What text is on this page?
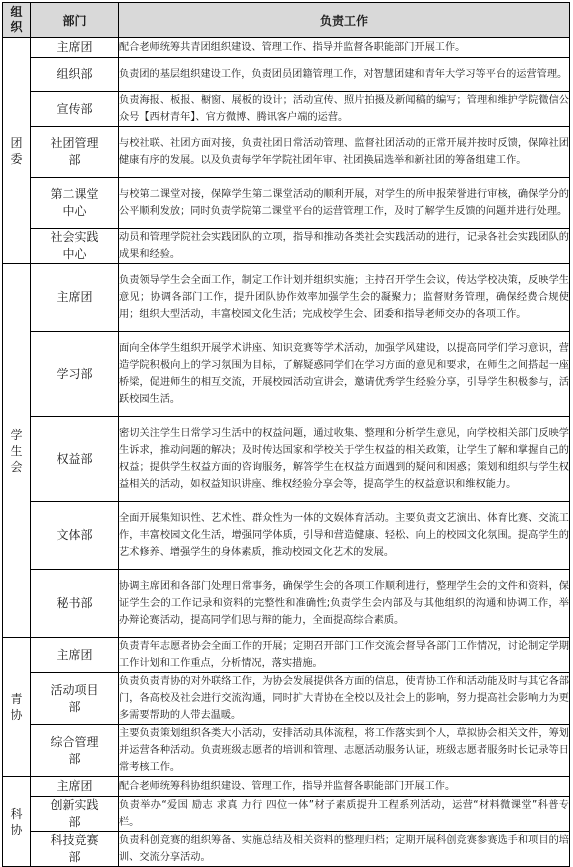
组织	部门	负责工作
团委	主席团	配合老师统筹共青团组织建设、管理工作、指导并监督各职能部门开展工作。
	组织部	负责团的基层组织建设工作，负责团员团籍管理工作，对智慧团建和青年大学习等平台的运营管理。
	宣传部	负责海报、板报、橱窗、展板的设计；活动宣传、照片拍摄及新闻稿的编写；管理和维护学院微信公众号【西材青年】、官方微博、腾讯客户端的运营。
	社团管理部	与校社联、社团方面对接，负责社团日常活动管理、监督社团活动的正常开展并按时反馈，保障社团健康有序的发展。以及负责每学年学院社团年审、社团换届选举和新社团的筹备组建工作。
	第二课堂中心	与校第二课堂对接，保障学生第二课堂活动的顺利开展，对学生的所申报荣誉进行审核，确保学分的公平顺利发放；同时负责学院第二课堂平台的运营管理工作，及时了解学生反馈的问题并进行处理。
	社会实践中心	动员和管理学院社会实践团队的立项，指导和推动各类社会实践活动的进行，记录各社会实践团队的成果和经验。
学生会	主席团	负责领导学生会全面工作，制定工作计划并组织实施；主持召开学生会议，传达学校决策，反映学生意见；协调各部门工作，提升团队协作效率加强学生会的凝聚力；监督财务管理，确保经费合规使用；组织大型活动，丰富校园文化生活；完成校学生会、团委和指导老师交办的各项工作。
	学习部	面向全体学生组织开展学术讲座、知识竞赛等学术活动，加强学风建设，以提高同学们学习意识，营造学院积极向上的学习氛围为目标，了解疑惑同学们在学习方面的意见和要求，在师生之间搭起一座桥梁，促进师生的相互交流，开展校园活动宣讲会，邀请优秀学生经验分享，引导学生积极参与，活跃校园生活。
	权益部	密切关注学生日常学习生活中的权益问题，通过收集、整理和分析学生意见，向学校相关部门反映学生诉求，推动问题的解决；及时传达国家和学校关于学生权益的相关政策，让学生了解和掌握自己的权益；提供学生权益方面的咨询服务，解答学生在权益方面遇到的疑问和困惑；策划和组织与学生权益相关的活动，如权益知识讲座、维权经验分享会等，提高学生的权益意识和维权能力。
	文体部	全面开展集知识性、艺术性、群众性为一体的文娱体育活动。主要负责文艺演出、体育比赛、交流工作，丰富校园文化生活，增强同学体质，引导和营造健康、轻松、向上的校园文化氛围。提高学生的艺术修养、增强学生的身体素质，推动校园文化艺术的发展。
	秘书部	协调主席团和各部门处理日常事务，确保学生会的各项工作顺利进行，整理学生会的文件和资料，保证学生会的工作记录和资料的完整性和准确性;负责学生会内部及与其他组织的沟通和协调工作，举办辩论赛活动，提高同学们思与辩的能力，全面提高综合素质。
青协	主席团	负责青年志愿者协会全面工作的开展；定期召开部门工作交流会督导各部门工作情况，讨论制定学期工作计划和工作重点，分析情况，落实措施。
	活动项目部	负责负责青协的对外联络工作，为协会发展提供各方面的信息，使青协工作和活动能及时与其它各部门，各高校及社会进行交流沟通，同时扩大青协在全校以及社会上的影响，努力提高社会影响力为更多需要帮助的人带去温暖。
	综合管理部	主要负责策划组织各类大小活动，安排活动具体流程，将工作落实到个人，草拟协会相关文件，筹划并运营各种活动。负责班级志愿者的培训和管理、志愿活动服务认证，班级志愿者服务时长记录等日常考核工作。
科协	主席团	配合老师统筹科协组织建设、管理工作，指导并监督各职能部门开展工作。
	创新实践部	负责举办“爱国 励志 求真 力行 四位一体”材子素质提升工程系列活动，运营“材料微课堂”科普专栏。
	科技竞赛部	负责科创竞赛的组织筹备、实施总结及相关资料的整理归档；定期开展科创竞赛参赛选手和项目的培训、交流分享活动。
